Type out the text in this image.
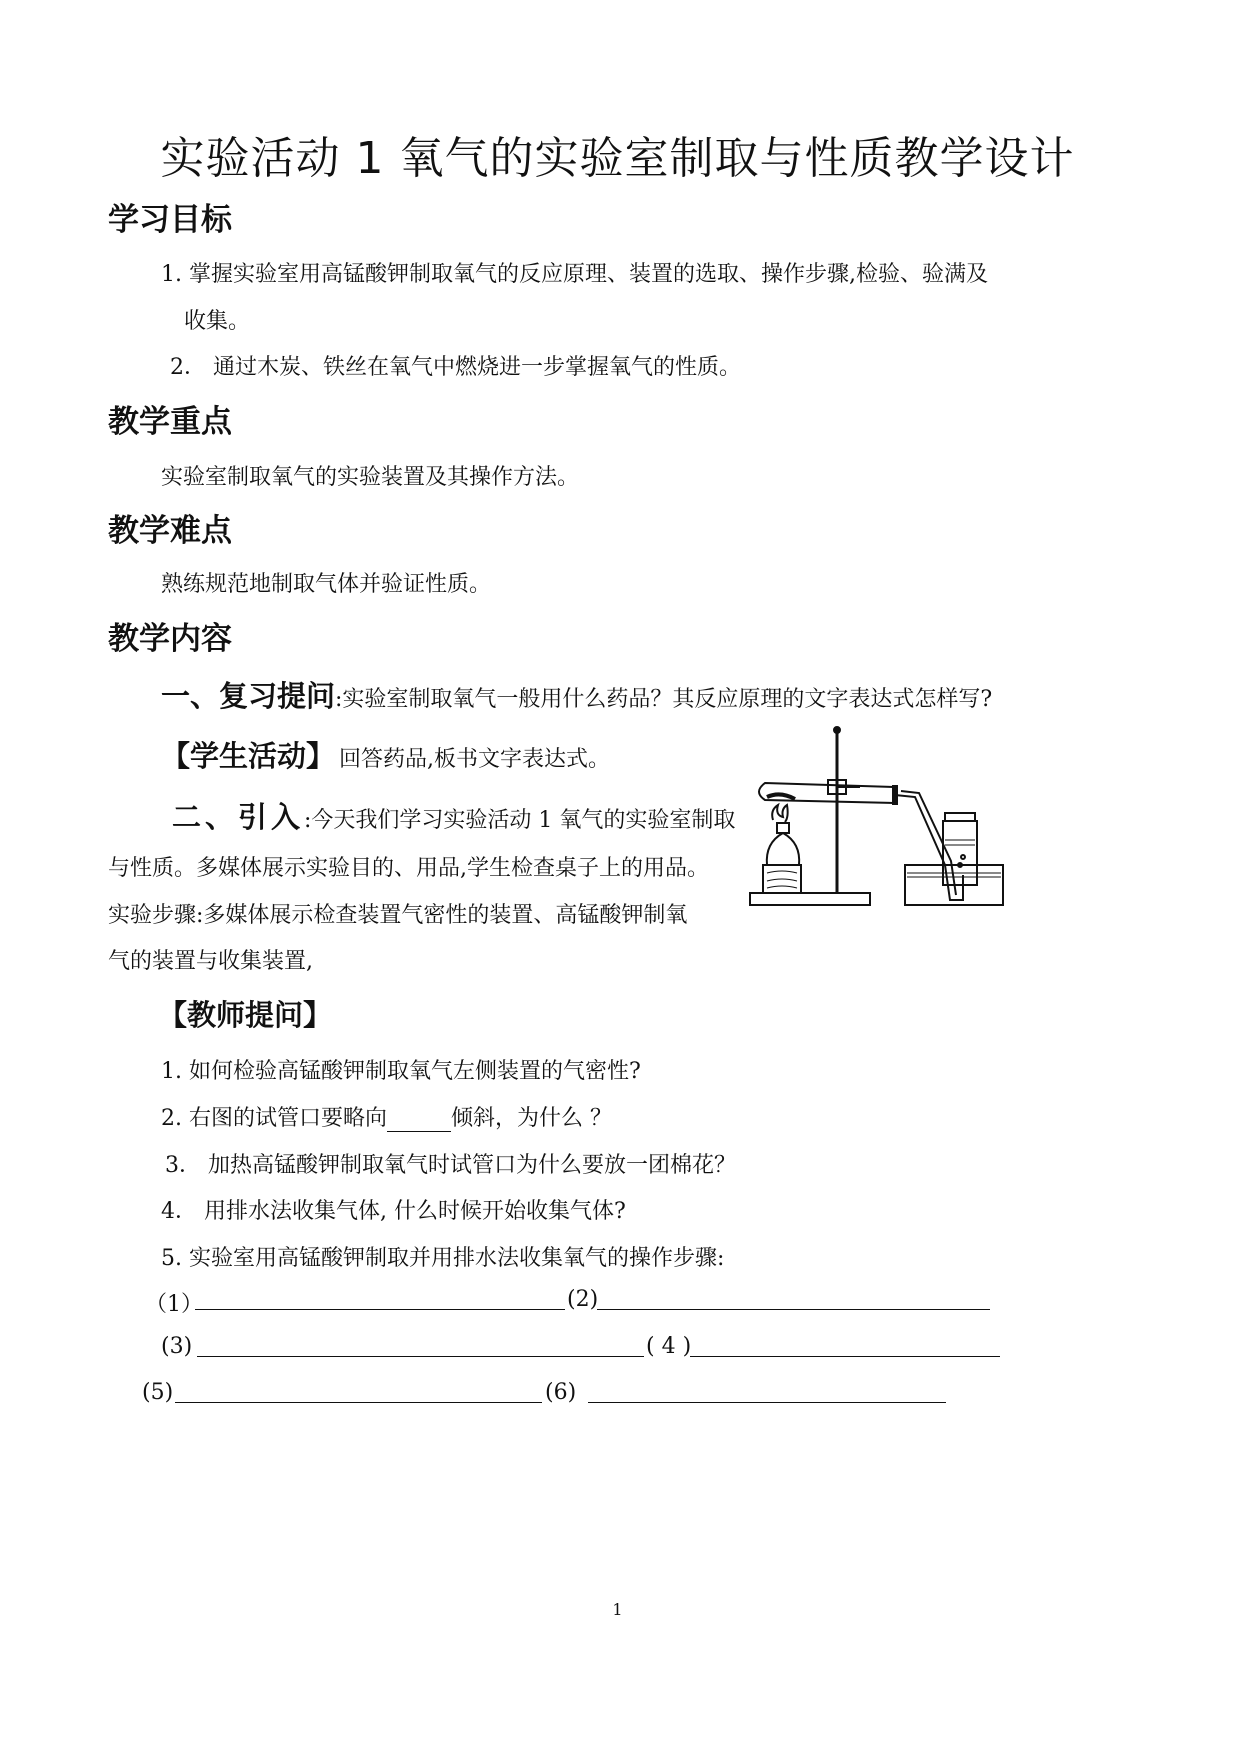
实验活动 1 氧气的实验室制取与性质教学设计
学习目标
1. 掌握实验室用高锰酸钾制取氧气的反应原理、装置的选取、操作步骤,检验、验满及
收集。
2． 通过木炭、铁丝在氧气中燃烧进一步掌握氧气的性质。
教学重点
实验室制取氧气的实验装置及其操作方法。
教学难点
熟练规范地制取气体并验证性质。
教学内容
一、复习提问:实验室制取氧气一般用什么药品？其反应原理的文字表达式怎样写?
【学生活动】 回答药品,板书文字表达式。
二、引入:今天我们学习实验活动 1 氧气的实验室制取
与性质。多媒体展示实验目的、用品,学生检查桌子上的用品。
实验步骤:多媒体展示检查装置气密性的装置、高锰酸钾制氧
气的装置与收集装置,
【教师提问】
1. 如何检验高锰酸钾制取氧气左侧装置的气密性?
2. 右图的试管口要略向	倾斜，为什么 ？
3． 加热高锰酸钾制取氧气时试管口为什么要放一团棉花？
4． 用排水法收集气体, 什么时候开始收集气体?
5. 实验室用高锰酸钾制取并用排水法收集氧气的操作步骤:
（1）	(2)
(3)	( 4 )
(5)	(6)
1
